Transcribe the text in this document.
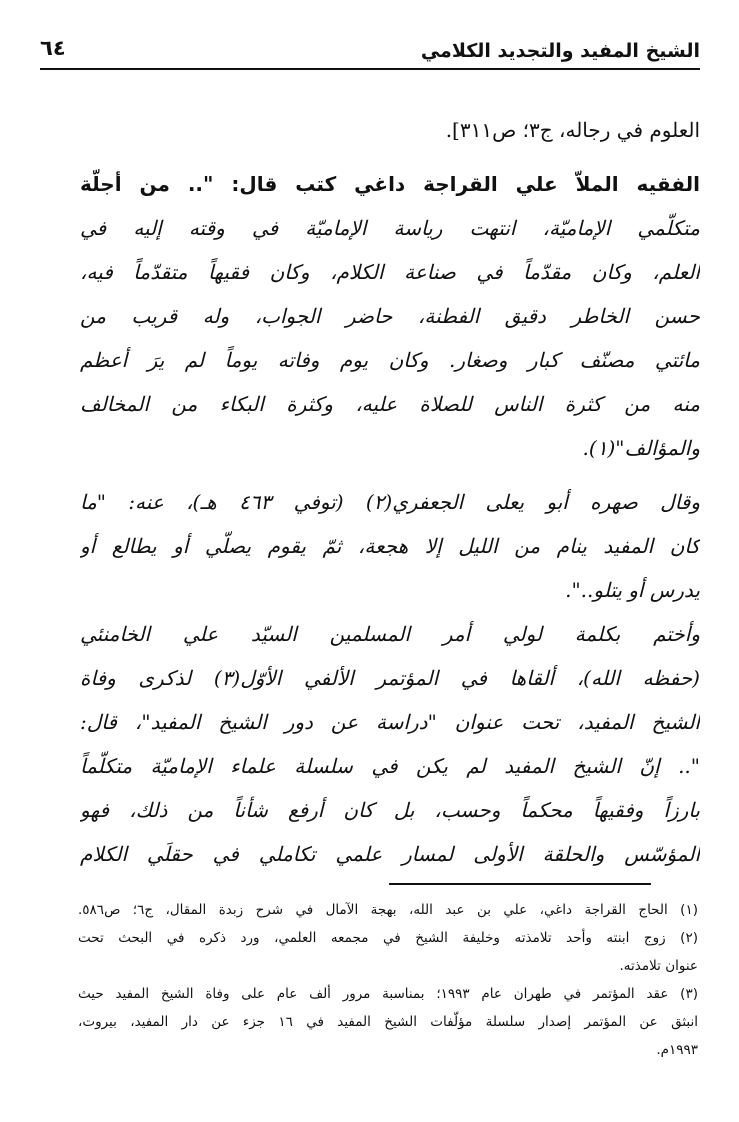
الشيخ المفيد والتجديد الكلامي
٦٤
العلوم في رجاله، ج٣؛ ص٣١١].
الفقيه الملاّ علي القراجة داغي كتب قال: ".. من أجلّة
متكلّمي الإماميّة، انتهت رياسة الإماميّة في وقته إليه في
العلم، وكان مقدّماً في صناعة الكلام، وكان فقيهاً متقدّماً فيه،
حسن الخاطر دقيق الفطنة، حاضر الجواب، وله قريب من
مائتي مصنّف كبار وصغار. وكان يوم وفاته يوماً لم يرَ أعظم
منه من كثرة الناس للصلاة عليه، وكثرة البكاء من المخالف
والمؤالف"(١).
وقال صهره أبو يعلى الجعفري(٢) (توفي ٤٦٣ هـ)، عنه: "ما
كان المفيد ينام من الليل إلا هجعة، ثمّ يقوم يصلّي أو يطالع أو
يدرس أو يتلو..".
وأختم بكلمة لولي أمر المسلمين السيّد علي الخامنئي
(حفظه الله)، ألقاها في المؤتمر الألفي الأوّل(٣) لذكرى وفاة
الشيخ المفيد، تحت عنوان "دراسة عن دور الشيخ المفيد"، قال:
".. إنّ الشيخ المفيد لم يكن في سلسلة علماء الإماميّة متكلّماً
بارزاً وفقيهاً محكماً وحسب، بل كان أرفع شأناً من ذلك، فهو
المؤسّس والحلقة الأولى لمسار علمي تكاملي في حقلَي الكلام
(١) الحاج القراجة داغي، علي بن عبد الله، بهجة الآمال في شرح زبدة المقال، ج٦؛ ص٥٨٦.
(٢) زوج ابنته وأحد تلامذته وخليفة الشيخ في مجمعه العلمي، ورد ذكره في البحث تحت
عنوان تلامذته.
(٣) عقد المؤتمر في طهران عام ١٩٩٣؛ بمناسبة مرور ألف عام على وفاة الشيخ المفيد حيث
انبثق عن المؤتمر إصدار سلسلة مؤلّفات الشيخ المفيد في ١٦ جزء عن دار المفيد، بيروت،
١٩٩٣م.
